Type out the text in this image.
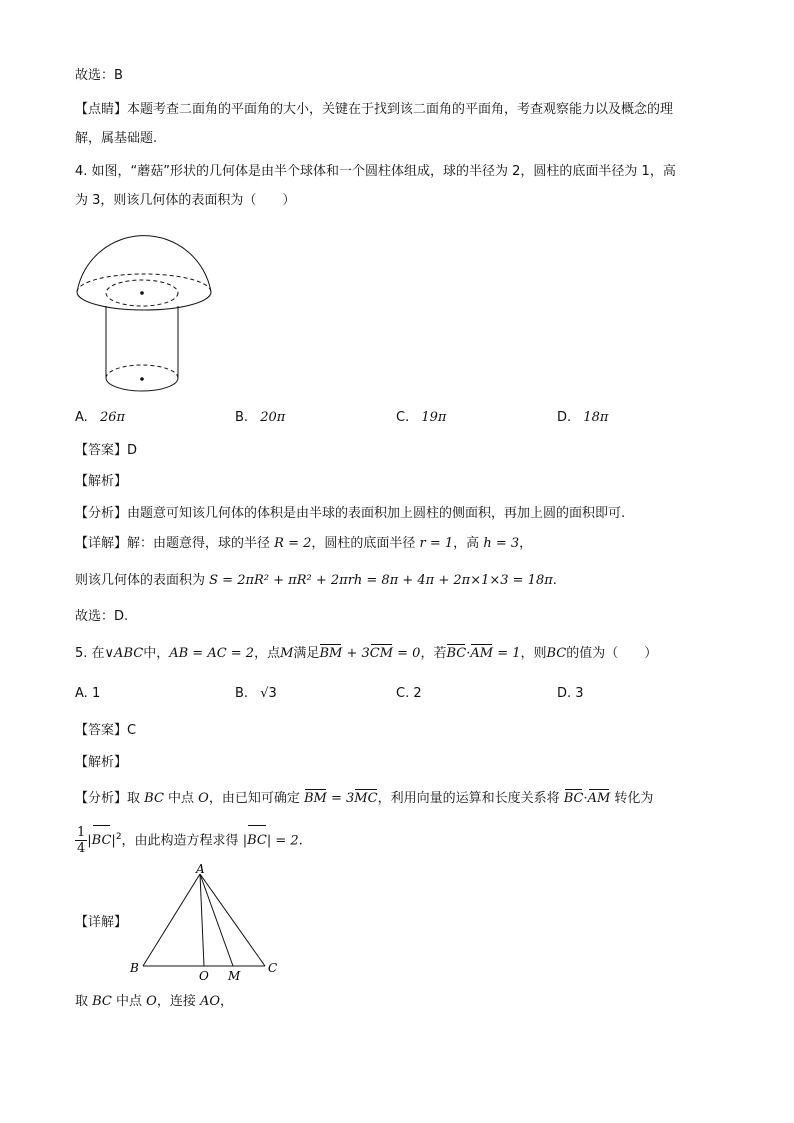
故选：B
【点睛】本题考查二面角的平面角的大小，关键在于找到该二面角的平面角，考查观察能力以及概念的理
解，属基础题.
4. 如图，“蘑菇”形状的几何体是由半个球体和一个圆柱体组成，球的半径为 2，圆柱的底面半径为 1，高
为 3，则该几何体的表面积为（　　）
A. 26π	B. 20π	C. 19π	D. 18π
【答案】D
【解析】
【分析】由题意可知该几何体的体积是由半球的表面积加上圆柱的侧面积，再加上圆的面积即可.
【详解】解：由题意得，球的半径 R = 2，圆柱的底面半径 r = 1，高 h = 3，
则该几何体的表面积为 S = 2πR² + πR² + 2πrh = 8π + 4π + 2π×1×3 = 18π.
故选：D.
5. 在∨ABC中，AB = AC = 2，点M满足BM + 3CM = 0，若BC·AM = 1，则BC的值为（　　）
A. 1	B. √3	C. 2	D. 3
【答案】C
【解析】
【分析】取 BC 中点 O，由已知可确定 BM = 3MC，利用向量的运算和长度关系将 BC·AM 转化为
$\frac{1}{4} |BC|^2$，由此构造方程求得 |BC| = 2.
【详解】
A
B	C
O M
取 BC 中点 O，连接 AO，
